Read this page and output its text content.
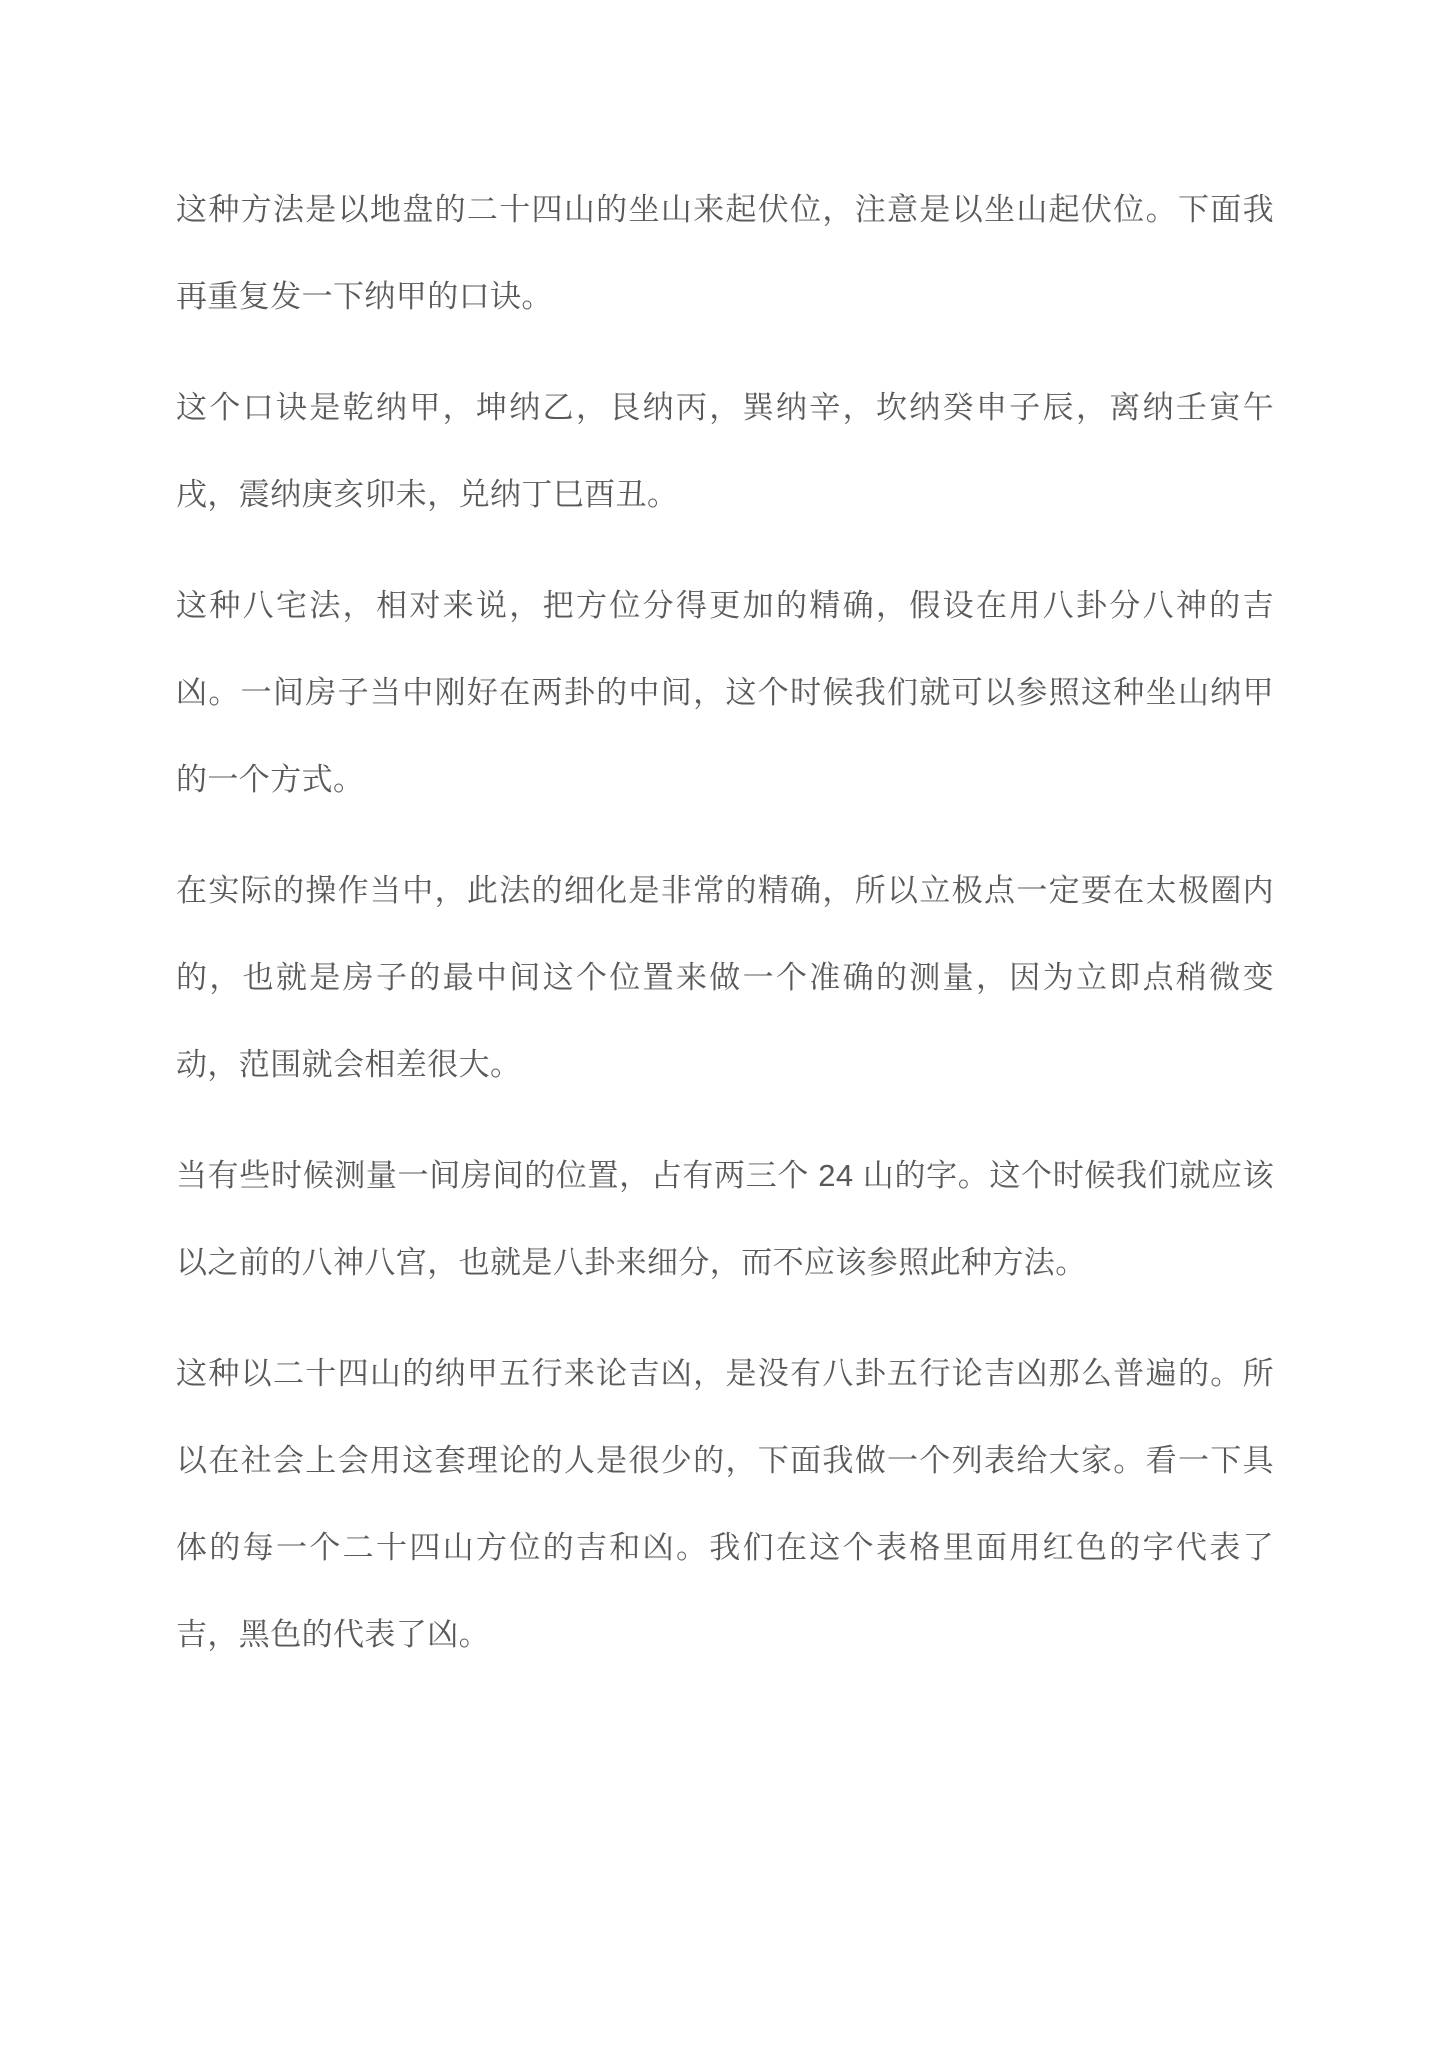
这种方法是以地盘的二十四山的坐山来起伏位，注意是以坐山起伏位。下面我再重复发一下纳甲的口诀。

这个口诀是乾纳甲，坤纳乙，艮纳丙，巽纳辛，坎纳癸申子辰，离纳壬寅午戌，震纳庚亥卯未，兑纳丁巳酉丑。

这种八宅法，相对来说，把方位分得更加的精确，假设在用八卦分八神的吉凶。一间房子当中刚好在两卦的中间，这个时候我们就可以参照这种坐山纳甲的一个方式。

在实际的操作当中，此法的细化是非常的精确，所以立极点一定要在太极圈内的，也就是房子的最中间这个位置来做一个准确的测量，因为立即点稍微变动，范围就会相差很大。

当有些时候测量一间房间的位置，占有两三个 24 山的字。这个时候我们就应该以之前的八神八宫，也就是八卦来细分，而不应该参照此种方法。

这种以二十四山的纳甲五行来论吉凶，是没有八卦五行论吉凶那么普遍的。所以在社会上会用这套理论的人是很少的，下面我做一个列表给大家。看一下具体的每一个二十四山方位的吉和凶。我们在这个表格里面用红色的字代表了吉，黑色的代表了凶。
